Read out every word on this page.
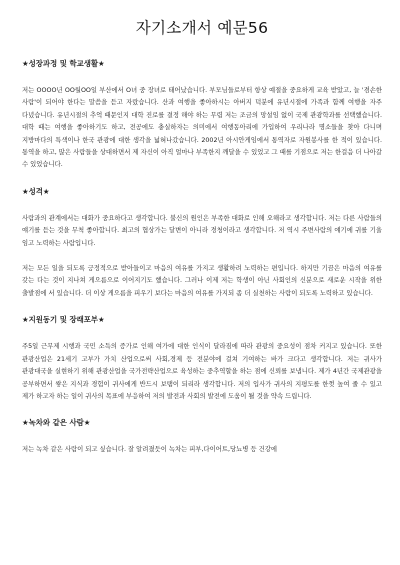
자기소개서 예문56
★성장과정 및 학교생활★

저는 OOOO년 OO월OO일 부산에서 O녀 중 장녀로 태어났습니다. 부모님들로부터 항상 예절을 중요하게 교육 받았고, 늘 '겸손한 사람'이 되어야 한다는 말씀을 듣고 자랐습니다. 산과 여행을 좋아하시는 아버지 덕분에 유년시절에 가족과 함께 여행을 자주 다녔습니다. 유년시절의 추억 때문인지 대학 진로를 결정 해야 하는 무렵 저는 조금의 망설임 없이 국제 관광학과를 선택했습니다. 대학 때는 여행을 좋아하기도 하고, 전공에도 충실하자는 의미에서 여행동아리에 가입하여 우리나라 명소들을 찾아 다니며 지방마다의 특색이나 한국 관광에 대한 생각을 넓혀나갔습니다. 2002년 아시안게임에서 통역자로 자원봉사를 한 적이 있습니다. 통역을 하고, 많은 사람들을 상대하면서 제 자신이 아직 얼마나 부족한지 깨달을 수 있었고 그 때를 기점으로 저는 한걸음 더 나아갈 수 있었습니다.

★성격★

사람과의 관계에서는 대화가 중요하다고 생각합니다. 불신의 원인은 부족한 대화로 인해 오해라고 생각합니다. 저는 다른 사람들의 얘기를 듣는 것을 무척 좋아합니다. 최고의 협상가는 달변이 아니라 경청이라고 생각합니다. 저 역시 주변사람의 얘기에 귀를 기울 임고 노력하는 사람입니다.

저는 모든 일을 되도록 긍정적으로 받아들이고 마음의 여유를 가지고 생활하려 노력하는 편입니다. 하지만 기끔은 마음의 여유를 갖는 다는 것이 지나쳐 게으름으로 이어지기도 했습니다. 그러나 이제 저는 학생이 아닌 사회인의 신분으로 새로운 시작을 위한 출발점에 서 있습니다. 더 이상 게으름을 피우기 보다는 마음의 여유를 가지되 좀 더 실천하는 사람이 되도록 노력하고 있습니다.

★지원동기 및 장래포부★

주5일 근무제 시행과 국민 소득의 증가로 인해 여가에 대한 인식이 달라짐에 따라 관광의 중요성이 점차 커지고 있습니다. 또한 관광산업은 21세기 고부가 가치 산업으로써 사회,경제 등 전분야에 걸쳐 기여하는 바가 크다고 생각합니다. 저는 귀사가 관광대국을 실현하기 위해 관광산업을 국가전략산업으로 육성하는 중추역할을 하는 점에 신뢰를 보냅니다. 제가 4년간 국제관광을 공부하면서 쌓은 지식과 경험이 귀사에게 반드시 보탬이 되리라 생각합니다. 저의 입사가 귀사의 지평도를 한껏 높여 줄 수 있고 제가 하고자 하는 일이 귀사의 목표에 부응하여 저의 발전과 사회의 발전에 도움이 될 것을 약속 드립니다.

★녹차와 같은 사람★

저는 녹차 같은 사람이 되고 싶습니다. 잘 알려졌듯이 녹차는 피부,다이어트,당뇨병 등 건강에
